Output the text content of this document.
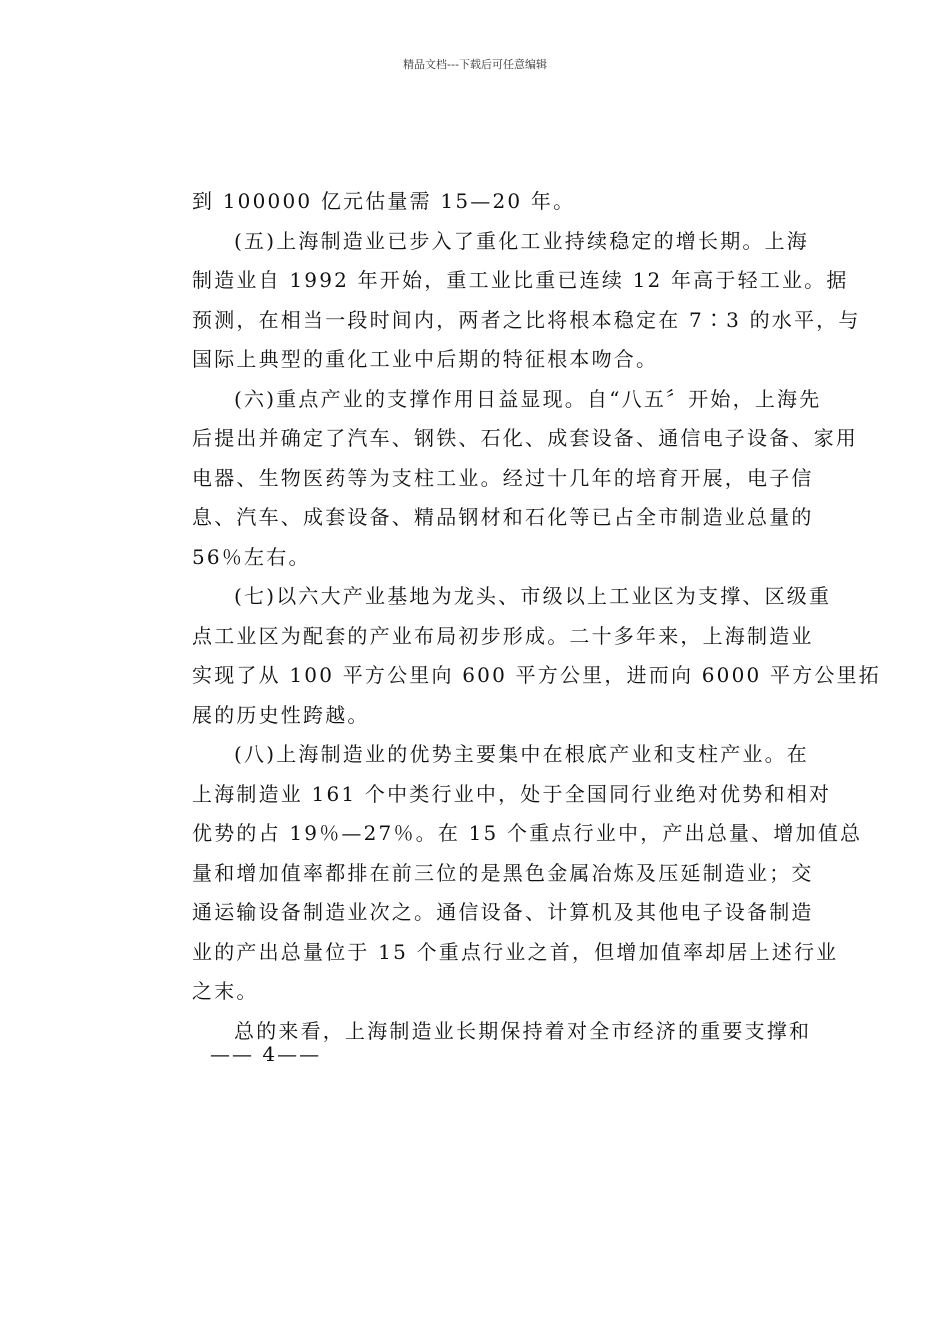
精品文档---下载后可任意编辑
到 100000 亿元估量需 15—20 年。
(五)上海制造业已步入了重化工业持续稳定的增长期。上海
制造业自 1992 年开始，重工业比重已连续 12 年高于轻工业。据
预测，在相当一段时间内，两者之比将根本稳定在 7∶3 的水平，与
国际上典型的重化工业中后期的特征根本吻合。
(六)重点产业的支撑作用日益显现。自“八五〞开始，上海先
后提出并确定了汽车、钢铁、石化、成套设备、通信电子设备、家用
电器、生物医药等为支柱工业。经过十几年的培育开展，电子信
息、汽车、成套设备、精品钢材和石化等已占全市制造业总量的
56％左右。
(七)以六大产业基地为龙头、市级以上工业区为支撑、区级重
点工业区为配套的产业布局初步形成。二十多年来，上海制造业
实现了从 100 平方公里向 600 平方公里，进而向 6000 平方公里拓
展的历史性跨越。
(八)上海制造业的优势主要集中在根底产业和支柱产业。在
上海制造业 161 个中类行业中，处于全国同行业绝对优势和相对
优势的占 19％—27％。在 15 个重点行业中，产出总量、增加值总
量和增加值率都排在前三位的是黑色金属冶炼及压延制造业；交
通运输设备制造业次之。通信设备、计算机及其他电子设备制造
业的产出总量位于 15 个重点行业之首，但增加值率却居上述行业
之末。
总的来看，上海制造业长期保持着对全市经济的重要支撑和
—— 4——
